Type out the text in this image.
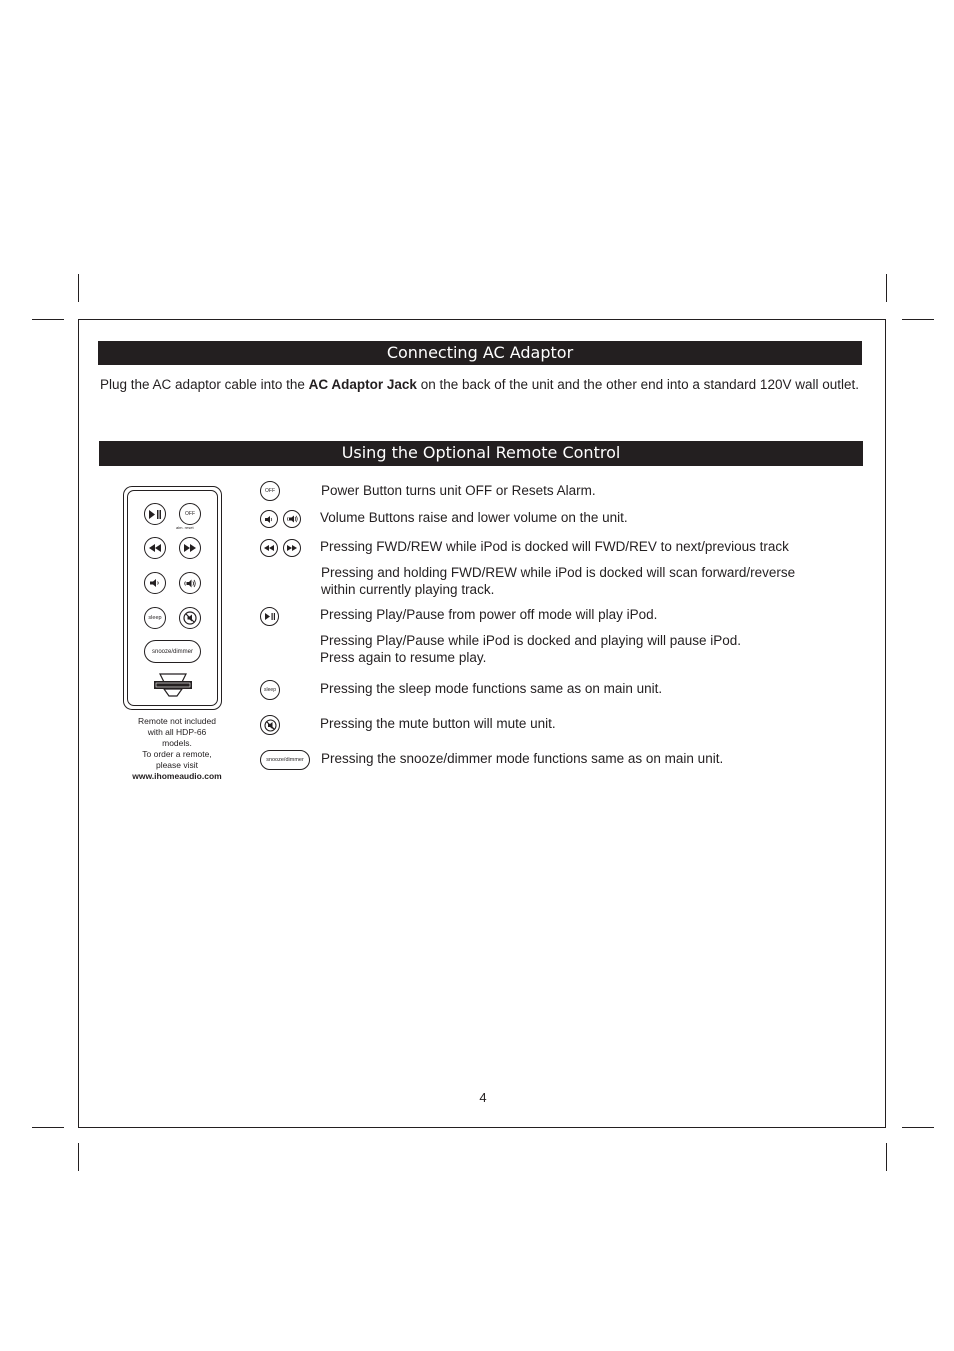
Connecting AC Adaptor

Plug the AC adaptor cable into the AC Adaptor Jack on the back of the unit and the other end into a standard 120V wall outlet.

Using the Optional Remote Control
OFF
alm. reset
sleep
snooze/dimmer
Remote not included
with all HDP-66
models.
To order a remote,
please visit
www.ihomeaudio.com
OFF	Power Button turns unit OFF or Resets Alarm.
Volume Buttons raise and lower volume on the unit.
Pressing FWD/REW while iPod is docked will FWD/REV to next/previous track
Pressing and holding FWD/REW while iPod is docked will scan forward/reverse
within currently playing track.
Pressing Play/Pause from power off mode will play iPod.
Pressing Play/Pause while iPod is docked and playing will pause iPod.
Press again to resume play.
sleep	Pressing the sleep mode functions same as on main unit.
Pressing the mute button will mute unit.
snooze/dimmer Pressing the snooze/dimmer mode functions same as on main unit.
4
